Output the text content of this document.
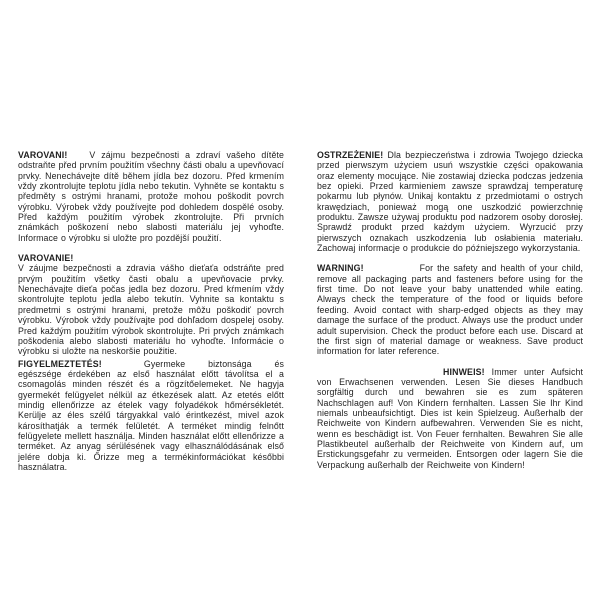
VAROVANI!	V zájmu bezpečnosti a zdraví vašeho dítěte odstraňte před prvním použitím všechny části obalu a upevňovací prvky. Nenechávejte dítě během jídla bez dozoru. Před krmením vždy zkontrolujte teplotu jídla nebo tekutin. Vyhněte se kontaktu s předměty s ostrými hranami, protože mohou poškodit povrch výrobku. Výrobek vždy používejte pod dohledem dospělé osoby. Před každým použitím výrobek zkontrolujte. Při prvních známkách poškození nebo slabosti materiálu jej vyhoďte. Informace o výrobku si uložte pro pozdější použití.

VAROVANIE!
V záujme bezpečnosti a zdravia vášho dieťaťa odstráňte pred prvým použitím všetky časti obalu a upevňovacie prvky. Nenechávajte dieťa počas jedla bez dozoru. Pred kŕmením vždy skontrolujte teplotu jedla alebo tekutín. Vyhnite sa kontaktu s predmetmi s ostrými hranami, pretože môžu poškodiť povrch výrobku. Výrobok vždy používajte pod dohľadom dospelej osoby. Pred každým použitím výrobok skontrolujte. Pri prvých známkach poškodenia alebo slabosti materiálu ho vyhoďte. Informácie o výrobku si uložte na neskoršie použitie.

FIGYELMEZTETÉS!	Gyermeke biztonsága és egészsége érdekében az első használat előtt távolítsa el a csomagolás minden részét és a rögzítőelemeket. Ne hagyja gyermekét felügyelet nélkül az étkezések alatt. Az etetés előtt mindig ellenőrizze az ételek vagy folyadékok hőmérsékletét. Kerülje az éles szélű tárgyakkal való érintkezést, mivel azok károsíthatják a termék felületét. A terméket mindig felnőtt felügyelete mellett használja. Minden használat előtt ellenőrizze a terméket. Az anyag sérülésének vagy elhasználódásának első jelére dobja ki. Őrizze meg a termékinformációkat későbbi használatra.

OSTRZEŻENIE! Dla bezpieczeństwa i zdrowia Twojego dziecka przed pierwszym użyciem usuń wszystkie części opakowania oraz elementy mocujące. Nie zostawiaj dziecka podczas jedzenia bez opieki. Przed karmieniem zawsze sprawdzaj temperaturę pokarmu lub płynów. Unikaj kontaktu z przedmiotami o ostrych krawędziach, ponieważ mogą one uszkodzić powierzchnię produktu. Zawsze używaj produktu pod nadzorem osoby dorosłej. Sprawdź produkt przed każdym użyciem. Wyrzucić przy pierwszych oznakach uszkodzenia lub osłabienia materiału. Zachowaj informacje o produkcie do późniejszego wykorzystania.

WARNING!	For the safety and health of your child, remove all packaging parts and fasteners before using for the first time. Do not leave your baby unattended while eating. Always check the temperature of the food or liquids before feeding. Avoid contact with sharp-edged objects as they may damage the surface of the product. Always use the product under adult supervision. Check the product before each use. Discard at the first sign of material damage or weakness. Save product information for later reference.

HINWEIS! Immer unter Aufsicht von Erwachsenen verwenden. Lesen Sie dieses Handbuch sorgfältig durch und bewahren sie es zum späteren Nachschlagen auf! Von Kindern fernhalten. Lassen Sie Ihr Kind niemals unbeaufsichtigt. Dies ist kein Spielzeug. Außerhalb der Reichweite von Kindern aufbewahren. Verwenden Sie es nicht, wenn es beschädigt ist. Von Feuer fernhalten. Bewahren Sie alle Plastikbeutel außerhalb der Reichweite von Kindern auf, um Erstickungsgefahr zu vermeiden. Entsorgen oder lagern Sie die Verpackung außerhalb der Reichweite von Kindern!
